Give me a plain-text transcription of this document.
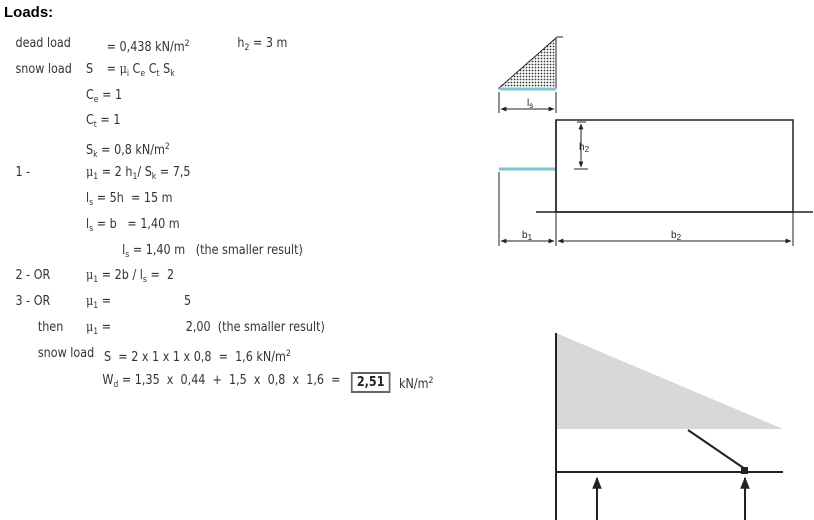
Loads:
dead load	= 0,438 $kN/m^2$	$h_2 = 3$ m
snow load $S = \mu_i$ $C_e$ $C_t$ $S_k$
$C_e = 1$
$C_t = 1$
$S_k = 0,8$ $kN/m^2$
1 -	$\mu_1 = 2$ $h_1/$ $S_k = 7,5$
$l_s = 5h = 15$ m
$l_s = b = 1,40$ m
$l_s = 1,40$ m (the smaller result)
2 - OR	$\mu_1 = 2b / l_s = 2$
3 - OR	$\mu_1$ =	5
then $\mu_1$ =	2,00 (the smaller result)
snow load S = 2 x 1 x 1 x 0,8  =  1,6 $kN/m^2$
$W_d = 1,35$  x  0,44  +  1,5  x  0,8  x  1,6  =	2,51	$kN/m^2$
$l_s$
$h_2$
$b_1$	$b_2$
